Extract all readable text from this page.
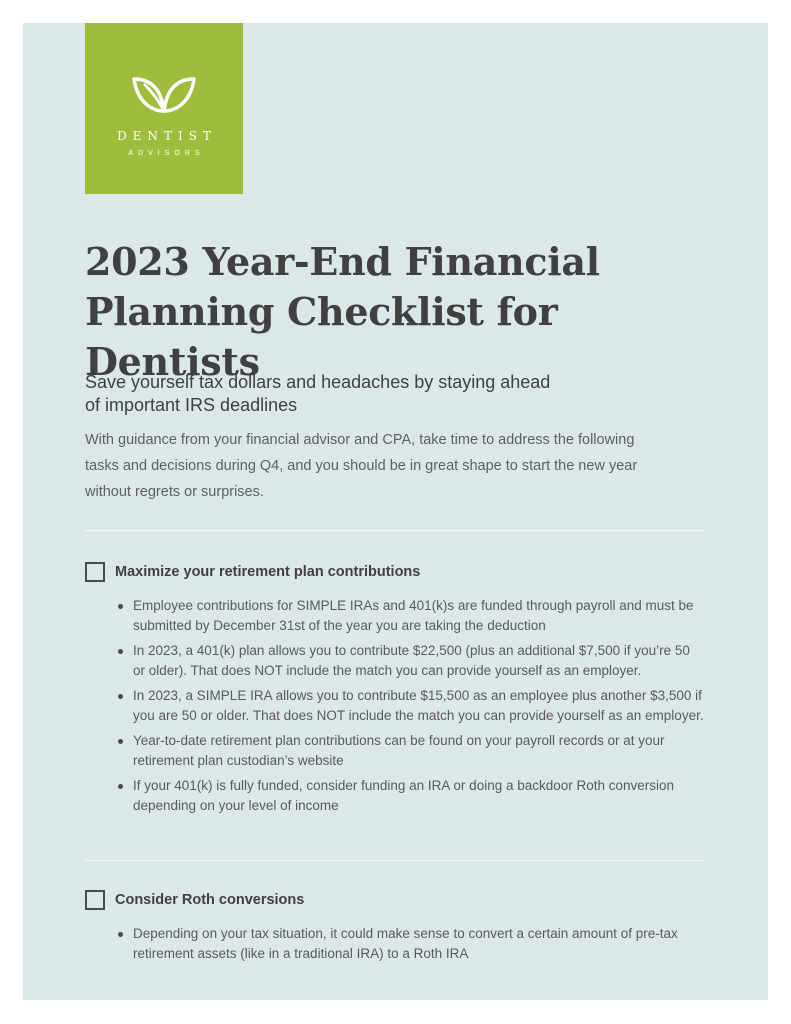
DENTIST
ADVISORS
2023 Year-End Financial Planning Checklist for Dentists
Save yourself tax dollars and headaches by staying ahead of important IRS deadlines

With guidance from your financial advisor and CPA, take time to address the following tasks and decisions during Q4, and you should be in great shape to start the new year without regrets or surprises.

Maximize your retirement plan contributions
Employee contributions for SIMPLE IRAs and 401(k)s are funded through payroll and must be submitted by December 31st of the year you are taking the deduction
In 2023, a 401(k) plan allows you to contribute $22,500 (plus an additional $7,500 if you’re 50 or older). That does NOT include the match you can provide yourself as an employer.
In 2023, a SIMPLE IRA allows you to contribute $15,500 as an employee plus another $3,500 if you are 50 or older. That does NOT include the match you can provide yourself as an employer.
Year-to-date retirement plan contributions can be found on your payroll records or at your retirement plan custodian’s website
If your 401(k) is fully funded, consider funding an IRA or doing a backdoor Roth conversion depending on your level of income
Consider Roth conversions
Depending on your tax situation, it could make sense to convert a certain amount of pre-tax retirement assets (like in a traditional IRA) to a Roth IRA
